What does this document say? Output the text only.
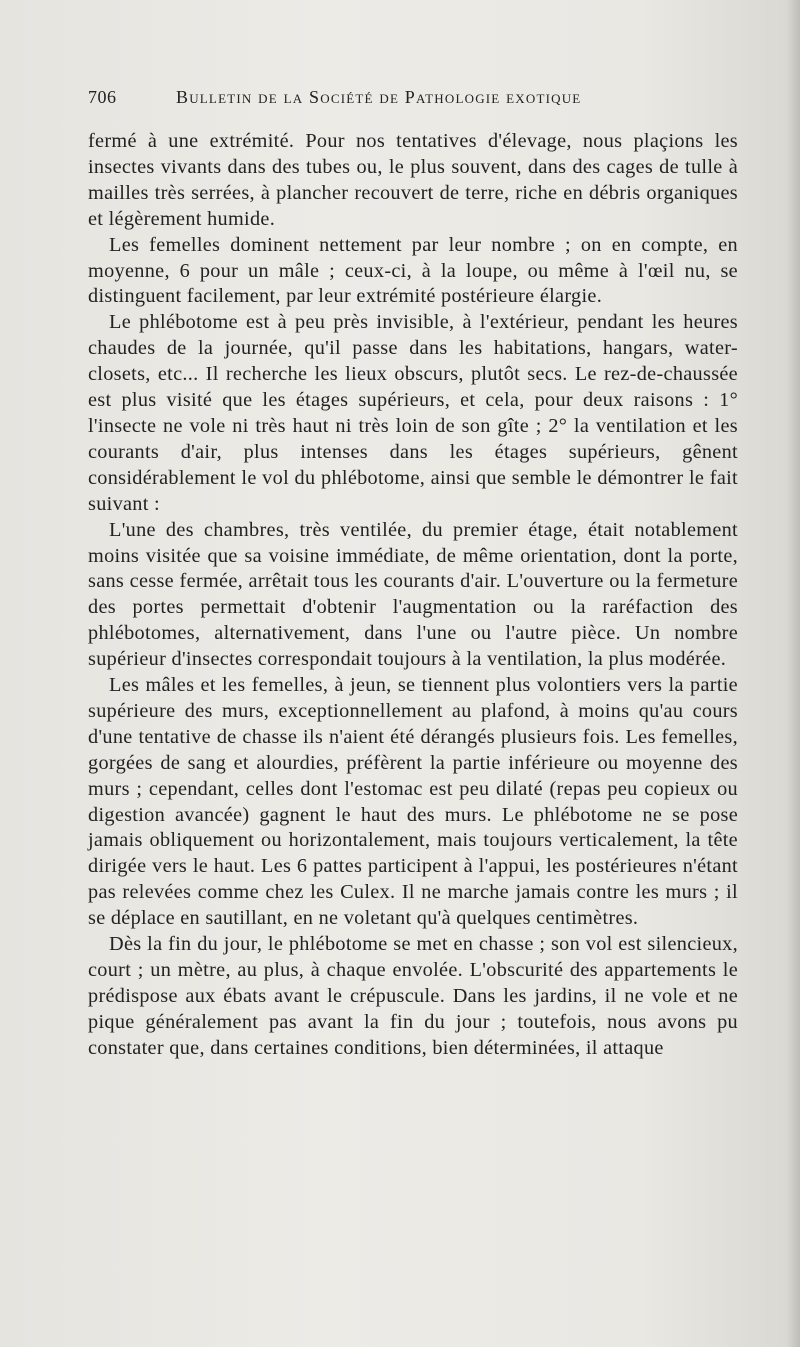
706	Bulletin de la Société de Pathologie exotique

fermé à une extrémité. Pour nos tentatives d'élevage, nous plaçions les insectes vivants dans des tubes ou, le plus souvent, dans des cages de tulle à mailles très serrées, à plancher recouvert de terre, riche en débris organiques et légèrement humide.

Les femelles dominent nettement par leur nombre ; on en compte, en moyenne, 6 pour un mâle ; ceux-ci, à la loupe, ou même à l'œil nu, se distinguent facilement, par leur extrémité postérieure élargie.

Le phlébotome est à peu près invisible, à l'extérieur, pendant les heures chaudes de la journée, qu'il passe dans les habitations, hangars, water-closets, etc... Il recherche les lieux obscurs, plutôt secs. Le rez-de-chaussée est plus visité que les étages supérieurs, et cela, pour deux raisons : 1° l'insecte ne vole ni très haut ni très loin de son gîte ; 2° la ventilation et les courants d'air, plus intenses dans les étages supérieurs, gênent considérablement le vol du phlébotome, ainsi que semble le démontrer le fait suivant :

L'une des chambres, très ventilée, du premier étage, était notablement moins visitée que sa voisine immédiate, de même orientation, dont la porte, sans cesse fermée, arrêtait tous les courants d'air. L'ouverture ou la fermeture des portes permettait d'obtenir l'augmentation ou la raréfaction des phlébotomes, alternativement, dans l'une ou l'autre pièce. Un nombre supérieur d'insectes correspondait toujours à la ventilation, la plus modérée.

Les mâles et les femelles, à jeun, se tiennent plus volontiers vers la partie supérieure des murs, exceptionnellement au plafond, à moins qu'au cours d'une tentative de chasse ils n'aient été dérangés plusieurs fois. Les femelles, gorgées de sang et alourdies, préfèrent la partie inférieure ou moyenne des murs ; cependant, celles dont l'estomac est peu dilaté (repas peu copieux ou digestion avancée) gagnent le haut des murs. Le phlébotome ne se pose jamais obliquement ou horizontalement, mais toujours verticalement, la tête dirigée vers le haut. Les 6 pattes participent à l'appui, les postérieures n'étant pas relevées comme chez les Culex. Il ne marche jamais contre les murs ; il se déplace en sautillant, en ne voletant qu'à quelques centimètres.

Dès la fin du jour, le phlébotome se met en chasse ; son vol est silencieux, court ; un mètre, au plus, à chaque envolée. L'obscurité des appartements le prédispose aux ébats avant le crépuscule. Dans les jardins, il ne vole et ne pique généralement pas avant la fin du jour ; toutefois, nous avons pu constater que, dans certaines conditions, bien déterminées, il attaque
